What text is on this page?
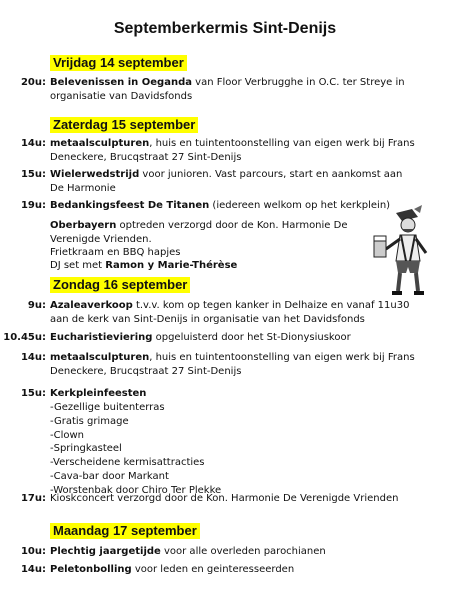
Septemberkermis Sint-Denijs
Vrijdag 14 september
20u: Belevenissen in Oeganda van Floor Verbrugghe in O.C. ter Streye in organisatie van Davidsfonds
Zaterdag 15 september
14u: metaalsculpturen, huis en tuintentoonstelling van eigen werk bij Frans Deneckere, Brucqstraat 27 Sint-Denijs
15u: Wielerwedstrijd voor junioren. Vast parcours, start en aankomst aan De Harmonie
19u: Bedankingsfeest De Titanen (iedereen welkom op het kerkplein)
Oberbayern optreden verzorgd door de Kon. Harmonie De Verenigde Vrienden.
Frietkraam en BBQ hapjes
DJ set met Ramon y Marie-Thérèse
Zondag 16 september
9u: Azaleaverkoop t.v.v. kom op tegen kanker in Delhaize en vanaf 11u30 aan de kerk van Sint-Denijs in organisatie van het Davidsfonds
10.45u: Eucharistieviering opgeluisterd door het St-Dionysiuskoor
14u: metaalsculpturen, huis en tuintentoonstelling van eigen werk bij Frans Deneckere, Brucqstraat 27 Sint-Denijs
15u: Kerkpleinfeesten
-Gezellige buitenterras
-Gratis grimage
-Clown
-Springkasteel
-Verscheidene kermisattracties
-Cava-bar door Markant
-Worstenbak door Chiro Ter Plekke
17u: Kioskconcert verzorgd door de Kon. Harmonie De Verenigde Vrienden
Maandag 17 september
10u: Plechtig jaargetijde voor alle overleden parochianen
14u: Peletonbolling voor leden en geinteresseerden
